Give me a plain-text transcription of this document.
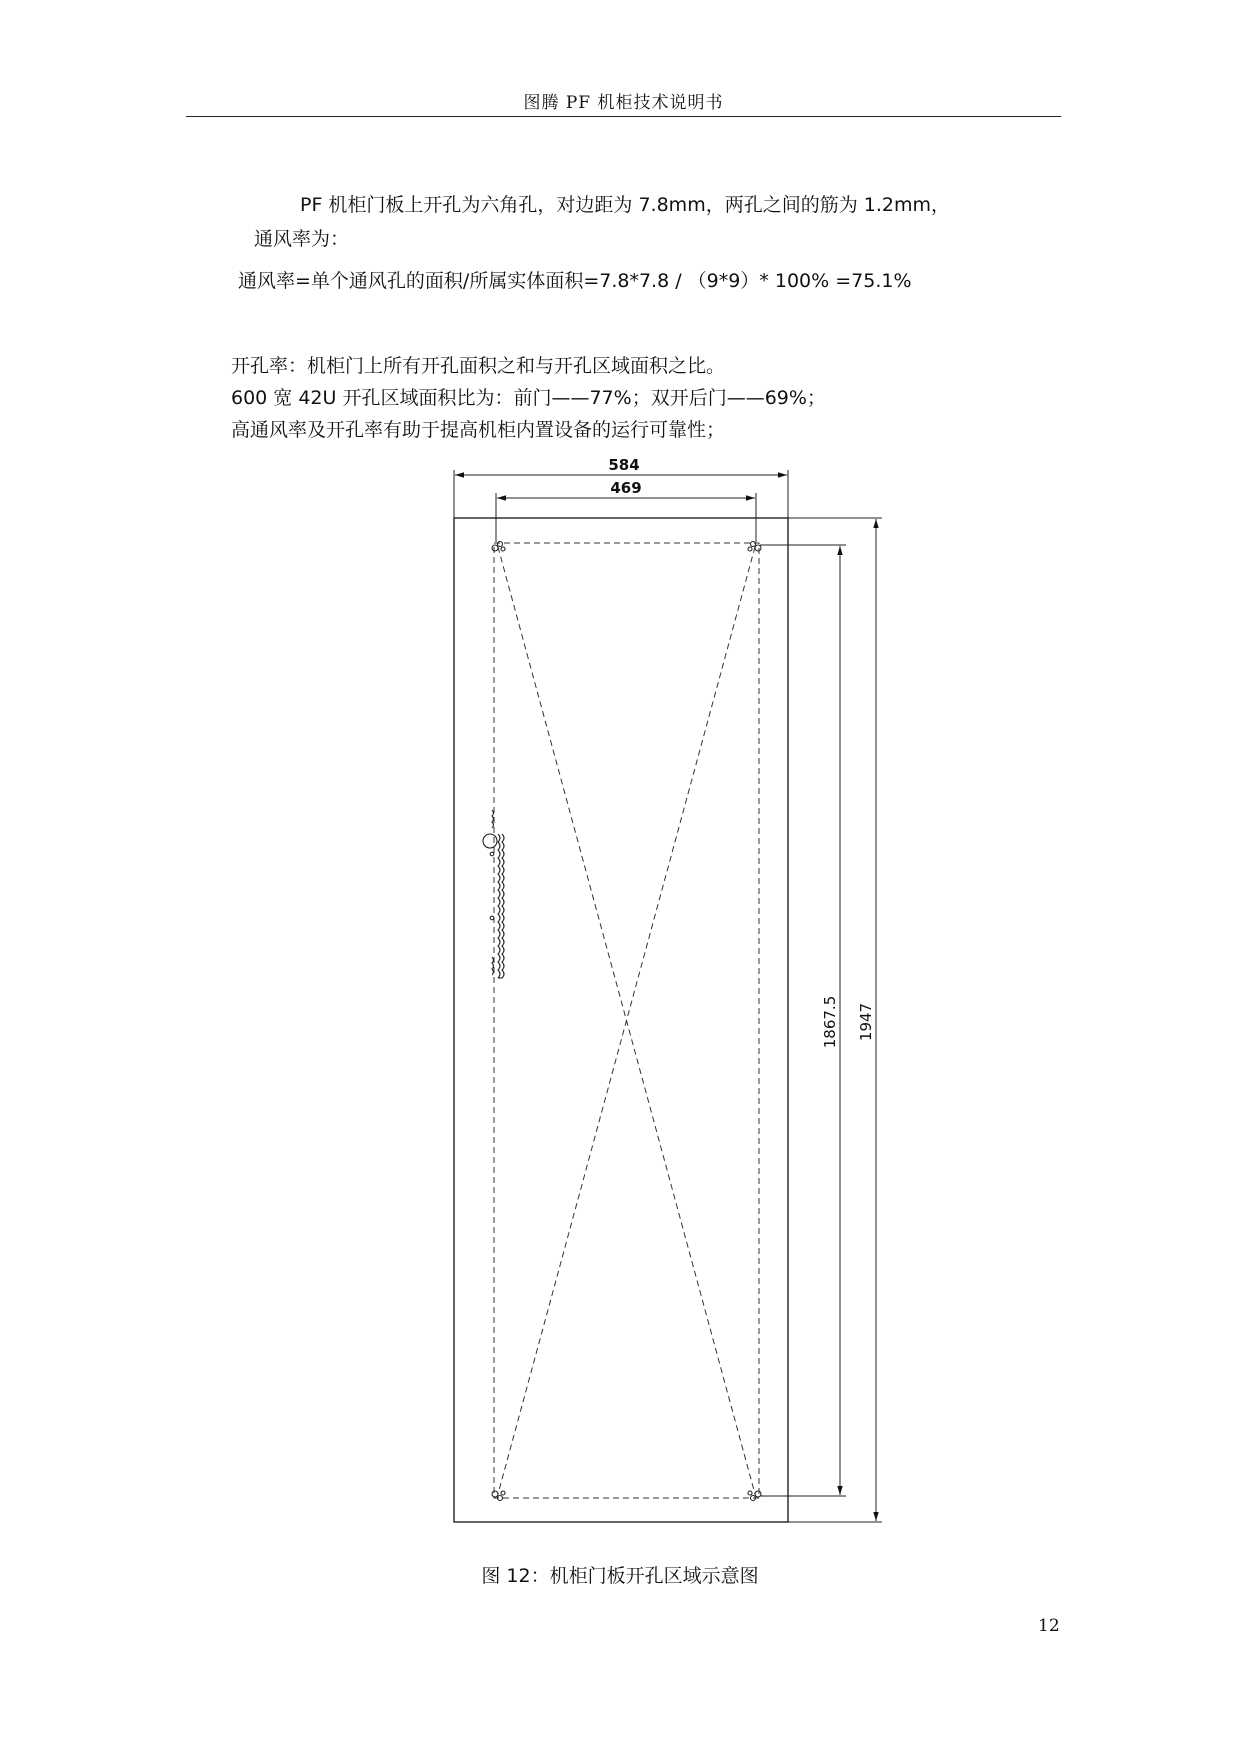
图腾 PF 机柜技术说明书
PF 机柜门板上开孔为六角孔，对边距为 7.8mm，两孔之间的筋为 1.2mm，
通风率为：
通风率=单个通风孔的面积/所属实体面积=7.8*7.8 / （9*9）* 100% =75.1%
开孔率：机柜门上所有开孔面积之和与开孔区域面积之比。
600 宽 42U 开孔区域面积比为：前门——77%；双开后门——69%；
高通风率及开孔率有助于提高机柜内置设备的运行可靠性；
584
469
1867.5 1947
图 12：机柜门板开孔区域示意图
12
